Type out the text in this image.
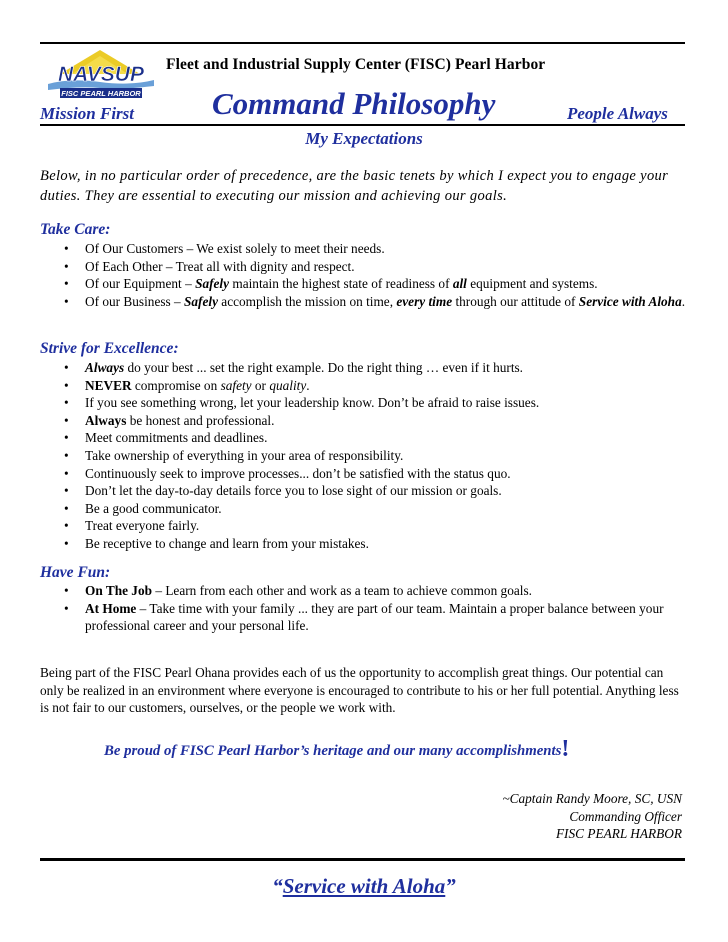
NAVSUP
FISC PEARL HARBOR
Fleet and Industrial Supply Center (FISC) Pearl Harbor
Mission First	Command Philosophy	People Always
My Expectations

Below, in no particular order of precedence, are the basic tenets by which I expect you to engage your duties. They are essential to executing our mission and achieving our goals.

Take Care:
• Of Our Customers – We exist solely to meet their needs.
• Of Each Other – Treat all with dignity and respect.
• Of our Equipment – Safely maintain the highest state of readiness of all equipment and systems.
• Of our Business – Safely accomplish the mission on time, every time through our attitude of Service with Aloha.
Strive for Excellence:
• Always do your best ... set the right example. Do the right thing … even if it hurts.
• NEVER compromise on safety or quality.
• If you see something wrong, let your leadership know. Don’t be afraid to raise issues.
• Always be honest and professional.
• Meet commitments and deadlines.
• Take ownership of everything in your area of responsibility.
• Continuously seek to improve processes... don’t be satisfied with the status quo.
• Don’t let the day-to-day details force you to lose sight of our mission or goals.
• Be a good communicator.
• Treat everyone fairly.
• Be receptive to change and learn from your mistakes.
Have Fun:
• On The Job – Learn from each other and work as a team to achieve common goals.
• At Home – Take time with your family ... they are part of our team. Maintain a proper balance between your professional career and your personal life.

Being part of the FISC Pearl Ohana provides each of us the opportunity to accomplish great things. Our potential can only be realized in an environment where everyone is encouraged to contribute to his or her full potential. Anything less is not fair to our customers, ourselves, or the people we work with.

Be proud of FISC Pearl Harbor’s heritage and our many accomplishments!
~Captain Randy Moore, SC, USN
Commanding Officer
FISC PEARL HARBOR
“Service with Aloha”
